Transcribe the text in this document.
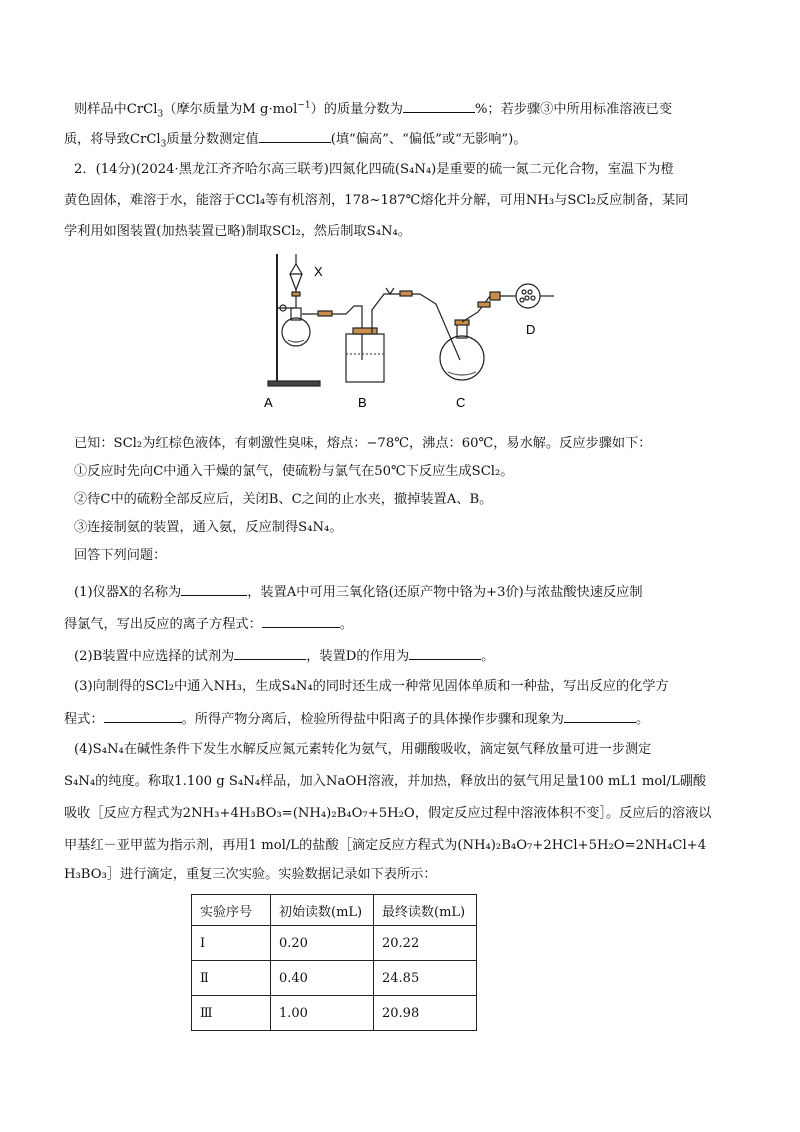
则样品中CrCl$_3$（摩尔质量为M g·mol$^{-1}$）的质量分数为	%；若步骤③中所用标准溶液已变
质，将导致CrCl$_3$质量分数测定值	(填“偏高”、“偏低”或“无影响”)。
2．(14分)(2024·黑龙江齐齐哈尔高三联考)四氮化四硫(S₄N₄)是重要的硫一氮二元化合物，室温下为橙
黄色固体，难溶于水，能溶于CCl₄等有机溶剂，178~187℃熔化并分解，可用NH₃与SCl₂反应制备，某同
学利用如图装置(加热装置已略)制取SCl₂，然后制取S₄N₄。
X
A	B	C
D
已知：SCl₂为红棕色液体，有刺激性臭味，熔点：−78℃，沸点：60℃，易水解。反应步骤如下：
①反应时先向C中通入干燥的氯气，使硫粉与氯气在50℃下反应生成SCl₂。
②待C中的硫粉全部反应后，关闭B、C之间的止水夹，撤掉装置A、B。
③连接制氨的装置，通入氨，反应制得S₄N₄。
回答下列问题：
(1)仪器X的名称为	，装置A中可用三氧化铬(还原产物中铬为+3价)与浓盐酸快速反应制
得氯气，写出反应的离子方程式：	。
(2)B装置中应选择的试剂为	，装置D的作用为	。
(3)向制得的SCl₂中通入NH₃，生成S₄N₄的同时还生成一种常见固体单质和一种盐，写出反应的化学方
程式：	。所得产物分离后，检验所得盐中阳离子的具体操作步骤和现象为	。
(4)S₄N₄在碱性条件下发生水解反应氮元素转化为氨气，用硼酸吸收，滴定氨气释放量可进一步测定
S₄N₄的纯度。称取1.100 g S₄N₄样品，加入NaOH溶液，并加热，释放出的氨气用足量100 mL1 mol/L硼酸
吸收［反应方程式为2NH₃+4H₃BO₃=(NH₄)₂B₄O₇+5H₂O，假定反应过程中溶液体积不变］。反应后的溶液以
甲基红－亚甲蓝为指示剂，再用1 mol/L的盐酸［滴定反应方程式为(NH₄)₂B₄O₇+2HCl+5H₂O=2NH₄Cl+4
H₃BO₃］进行滴定，重复三次实验。实验数据记录如下表所示：
实验序号	初始读数(mL)	最终读数(mL)
Ⅰ	0.20	20.22
Ⅱ	0.40	24.85
Ⅲ	1.00	20.98
